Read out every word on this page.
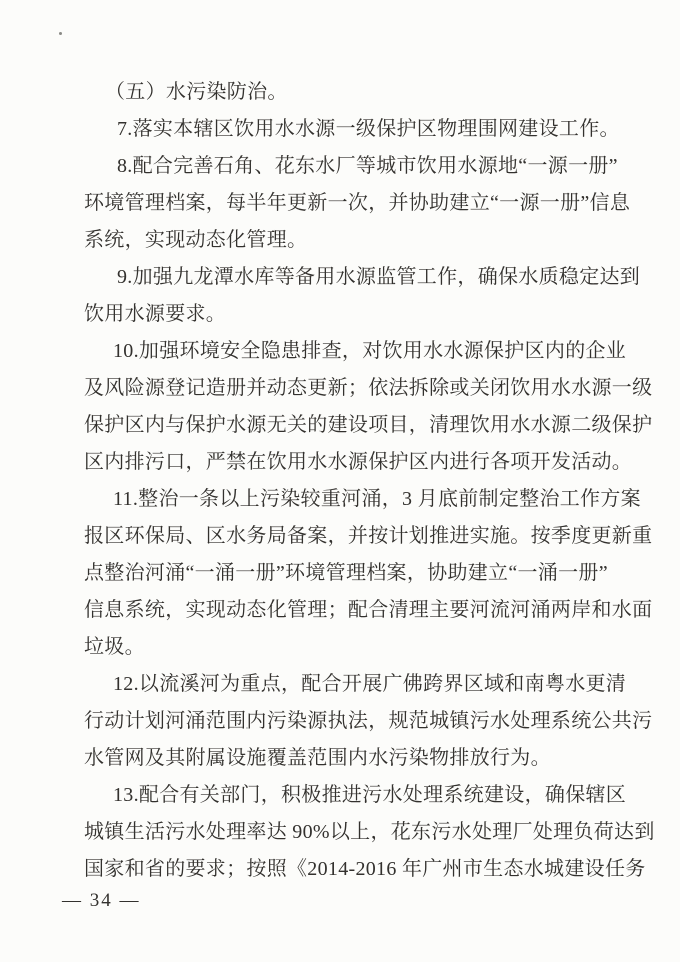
（五）水污染防治。
7.落实本辖区饮用水水源一级保护区物理围网建设工作。
8.配合完善石角、花东水厂等城市饮用水源地“一源一册”
环境管理档案，每半年更新一次，并协助建立“一源一册”信息
系统，实现动态化管理。
9.加强九龙潭水库等备用水源监管工作，确保水质稳定达到
饮用水源要求。
10.加强环境安全隐患排查，对饮用水水源保护区内的企业
及风险源登记造册并动态更新；依法拆除或关闭饮用水水源一级
保护区内与保护水源无关的建设项目，清理饮用水水源二级保护
区内排污口，严禁在饮用水水源保护区内进行各项开发活动。
11.整治一条以上污染较重河涌，3 月底前制定整治工作方案
报区环保局、区水务局备案，并按计划推进实施。按季度更新重
点整治河涌“一涌一册”环境管理档案，协助建立“一涌一册”
信息系统，实现动态化管理；配合清理主要河流河涌两岸和水面
垃圾。
12.以流溪河为重点，配合开展广佛跨界区域和南粤水更清
行动计划河涌范围内污染源执法，规范城镇污水处理系统公共污
水管网及其附属设施覆盖范围内水污染物排放行为。
13.配合有关部门，积极推进污水处理系统建设，确保辖区
城镇生活污水处理率达 90%以上，花东污水处理厂处理负荷达到
国家和省的要求；按照《2014-2016 年广州市生态水城建设任务
— 34 —
